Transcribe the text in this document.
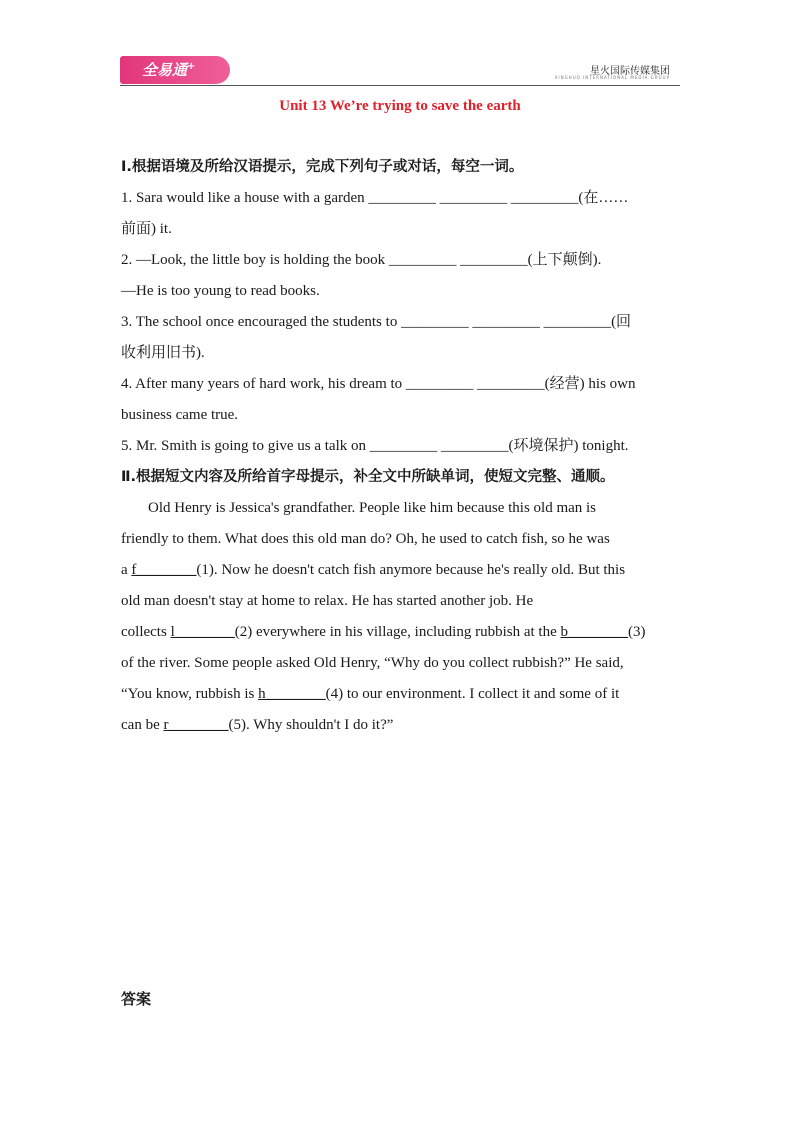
全易通+	星火国际传媒集团
XINGHUO INTERNATIONAL MEDIA GROUP
Unit 13 We’re trying to save the earth
Ⅰ.根据语境及所给汉语提示，完成下列句子或对话，每空一词。
1. Sara would like a house with a garden _________ _________ _________(在……
前面) it.
2. —Look, the little boy is holding the book _________ _________(上下颠倒).
—He is too young to read books.
3. The school once encouraged the students to _________ _________ _________(回
收利用旧书).
4. After many years of hard work, his dream to _________ _________(经营) his own
business came true.
5. Mr. Smith is going to give us a talk on _________ _________(环境保护) tonight.
Ⅱ.根据短文内容及所给首字母提示，补全文中所缺单词，使短文完整、通顺。
Old Henry is Jessica's grandfather. People like him because this old man is
friendly to them. What does this old man do? Oh, he used to catch fish, so he was
a f________(1). Now he doesn't catch fish anymore because he's really old. But this
old man doesn't stay at home to relax. He has started another job. He
collects l________(2) everywhere in his village, including rubbish at the b________(3)
of the river. Some people asked Old Henry, “Why do you collect rubbish?” He said,
“You know, rubbish is h________(4) to our environment. I collect it and some of it
can be r________(5). Why shouldn't I do it?”
答案
